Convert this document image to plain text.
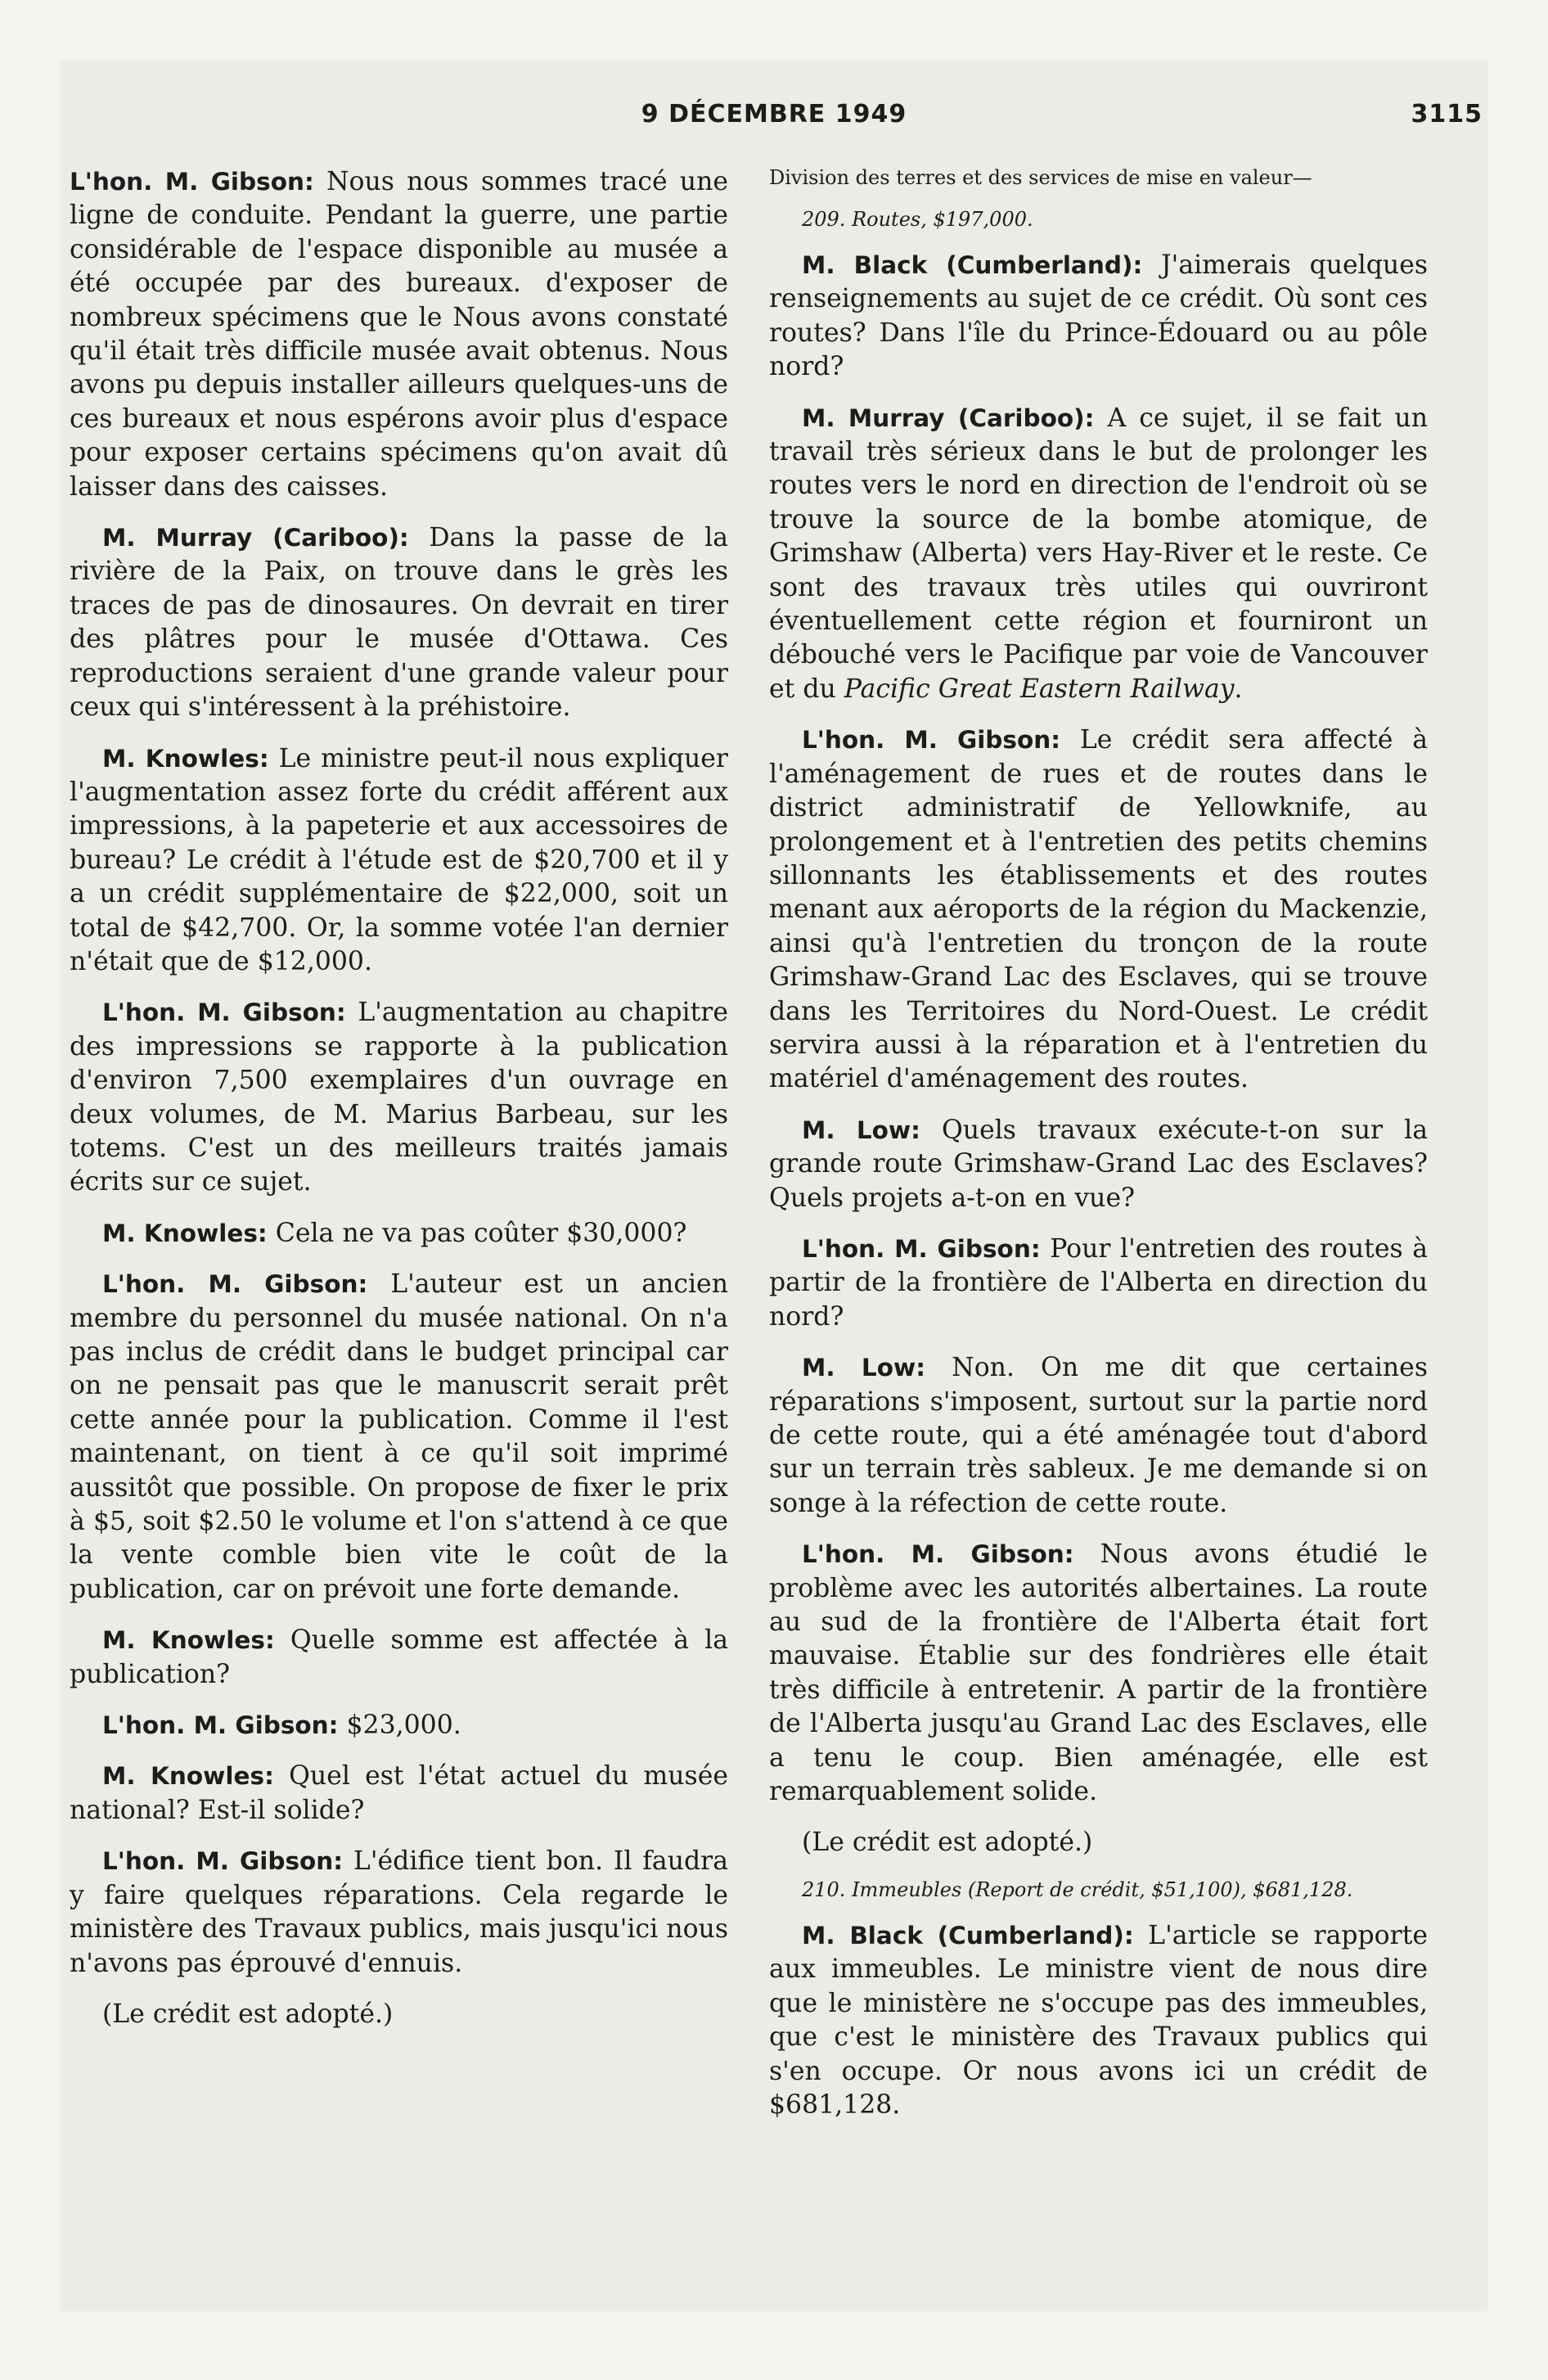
9 DÉCEMBRE 1949	3115

L'hon. M. Gibson: Nous nous sommes tracé une ligne de conduite. Pendant la guerre, une partie considérable de l'espace disponible au musée a été occupée par des bureaux. d'exposer de nombreux spécimens que le Nous avons constaté qu'il était très difficile musée avait obtenus. Nous avons pu depuis installer ailleurs quelques-uns de ces bureaux et nous espérons avoir plus d'espace pour exposer certains spécimens qu'on avait dû laisser dans des caisses.

M. Murray (Cariboo): Dans la passe de la rivière de la Paix, on trouve dans le grès les traces de pas de dinosaures. On devrait en tirer des plâtres pour le musée d'Ottawa. Ces reproductions seraient d'une grande valeur pour ceux qui s'intéressent à la préhistoire.

M. Knowles: Le ministre peut-il nous expliquer l'augmentation assez forte du crédit afférent aux impressions, à la papeterie et aux accessoires de bureau? Le crédit à l'étude est de $20,700 et il y a un crédit supplémentaire de $22,000, soit un total de $42,700. Or, la somme votée l'an dernier n'était que de $12,000.

L'hon. M. Gibson: L'augmentation au chapitre des impressions se rapporte à la publication d'environ 7,500 exemplaires d'un ouvrage en deux volumes, de M. Marius Barbeau, sur les totems. C'est un des meilleurs traités jamais écrits sur ce sujet.

M. Knowles: Cela ne va pas coûter $30,000?

L'hon. M. Gibson: L'auteur est un ancien membre du personnel du musée national. On n'a pas inclus de crédit dans le budget principal car on ne pensait pas que le manuscrit serait prêt cette année pour la publication. Comme il l'est maintenant, on tient à ce qu'il soit imprimé aussitôt que possible. On propose de fixer le prix à $5, soit $2.50 le volume et l'on s'attend à ce que la vente comble bien vite le coût de la publication, car on prévoit une forte demande.

M. Knowles: Quelle somme est affectée à la publication?

L'hon. M. Gibson: $23,000.

M. Knowles: Quel est l'état actuel du musée national? Est-il solide?

L'hon. M. Gibson: L'édifice tient bon. Il faudra y faire quelques réparations. Cela regarde le ministère des Travaux publics, mais jusqu'ici nous n'avons pas éprouvé d'ennuis.

(Le crédit est adopté.)

Division des terres et des services de mise en valeur—

209. Routes, $197,000.

M. Black (Cumberland): J'aimerais quelques renseignements au sujet de ce crédit. Où sont ces routes? Dans l'île du Prince-Édouard ou au pôle nord?

M. Murray (Cariboo): A ce sujet, il se fait un travail très sérieux dans le but de prolonger les routes vers le nord en direction de l'endroit où se trouve la source de la bombe atomique, de Grimshaw (Alberta) vers Hay-River et le reste. Ce sont des travaux très utiles qui ouvriront éventuellement cette région et fourniront un débouché vers le Pacifique par voie de Vancouver et du Pacific Great Eastern Railway.

L'hon. M. Gibson: Le crédit sera affecté à l'aménagement de rues et de routes dans le district administratif de Yellowknife, au prolongement et à l'entretien des petits chemins sillonnants les établissements et des routes menant aux aéroports de la région du Mackenzie, ainsi qu'à l'entretien du tronçon de la route Grimshaw-Grand Lac des Esclaves, qui se trouve dans les Territoires du Nord-Ouest. Le crédit servira aussi à la réparation et à l'entretien du matériel d'aménagement des routes.

M. Low: Quels travaux exécute-t-on sur la grande route Grimshaw-Grand Lac des Esclaves? Quels projets a-t-on en vue?

L'hon. M. Gibson: Pour l'entretien des routes à partir de la frontière de l'Alberta en direction du nord?

M. Low: Non. On me dit que certaines réparations s'imposent, surtout sur la partie nord de cette route, qui a été aménagée tout d'abord sur un terrain très sableux. Je me demande si on songe à la réfection de cette route.

L'hon. M. Gibson: Nous avons étudié le problème avec les autorités albertaines. La route au sud de la frontière de l'Alberta était fort mauvaise. Établie sur des fondrières elle était très difficile à entretenir. A partir de la frontière de l'Alberta jusqu'au Grand Lac des Esclaves, elle a tenu le coup. Bien aménagée, elle est remarquablement solide.

(Le crédit est adopté.)

210. Immeubles (Report de crédit, $51,100), $681,128.

M. Black (Cumberland): L'article se rapporte aux immeubles. Le ministre vient de nous dire que le ministère ne s'occupe pas des immeubles, que c'est le ministère des Travaux publics qui s'en occupe. Or nous avons ici un crédit de $681,128.
